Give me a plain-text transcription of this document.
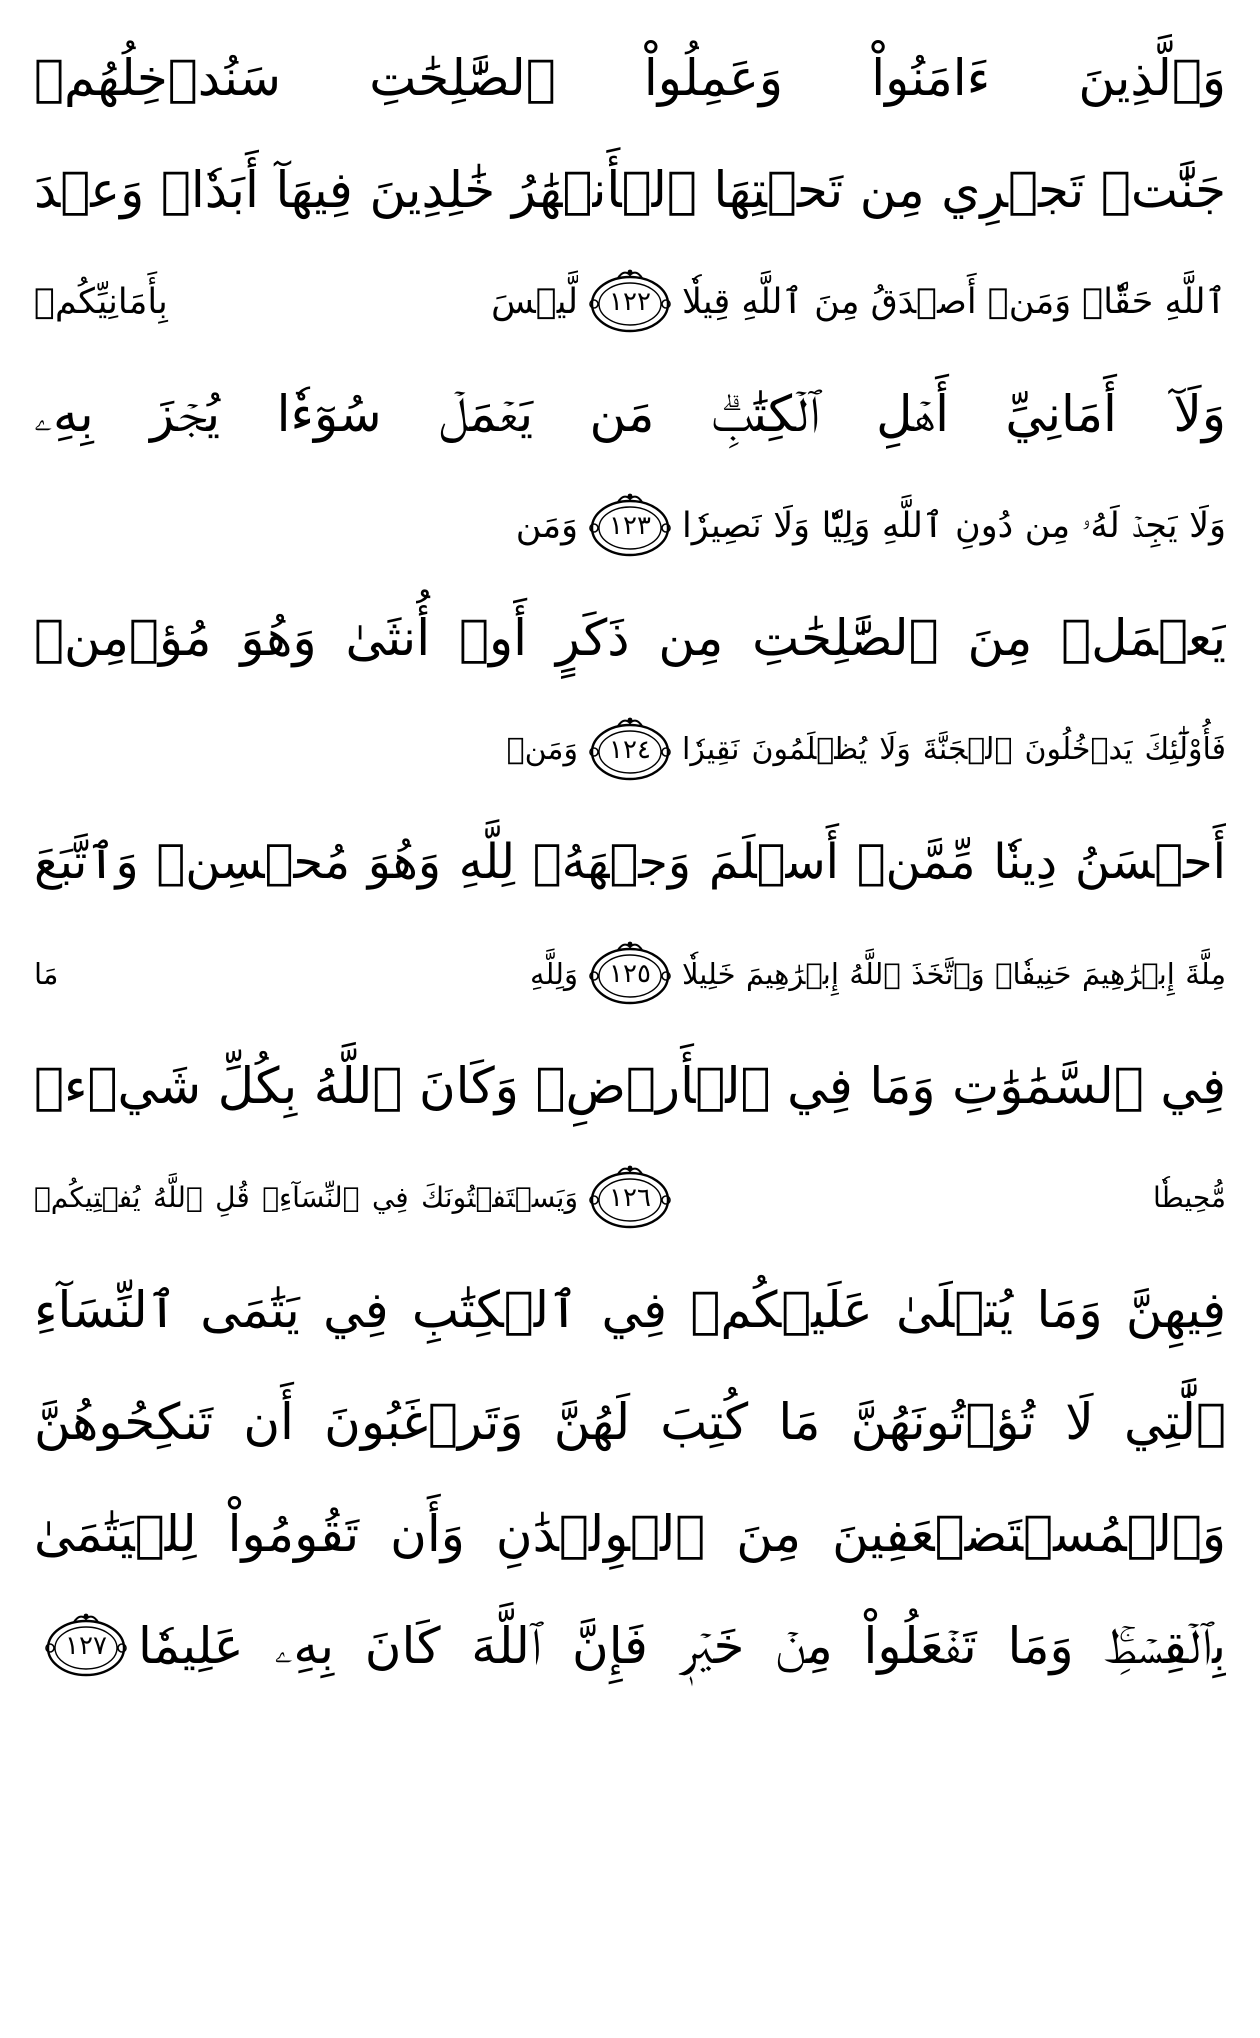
وَٱلَّذِينَ ءَامَنُواْ وَعَمِلُواْ ٱلصَّٰلِحَٰتِ سَنُدۡخِلُهُمۡ
جَنَّٰتٖ تَجۡرِي مِن تَحۡتِهَا ٱلۡأَنۡهَٰرُ خَٰلِدِينَ فِيهَآ أَبَدٗاۖ وَعۡدَ
ٱللَّهِ حَقّٗاۚ وَمَنۡ أَصۡدَقُ مِنَ ٱللَّهِ قِيلٗا
١٢٢
لَّيۡسَ بِأَمَانِيِّكُمۡ
وَلَآ أَمَانِيِّ أَهۡلِ ٱلۡكِتَٰبِۗ مَن يَعۡمَلۡ سُوٓءٗا يُجۡزَ بِهِۦ
وَلَا يَجِدۡ لَهُۥ مِن دُونِ ٱللَّهِ وَلِيّٗا وَلَا نَصِيرٗا
١٢٣
وَمَن
يَعۡمَلۡ مِنَ ٱلصَّٰلِحَٰتِ مِن ذَكَرٍ أَوۡ أُنثَىٰ وَهُوَ مُؤۡمِنٞ
فَأُوْلَٰٓئِكَ يَدۡخُلُونَ ٱلۡجَنَّةَ وَلَا يُظۡلَمُونَ نَقِيرٗا
١٢٤
وَمَنۡ
أَحۡسَنُ دِينٗا مِّمَّنۡ أَسۡلَمَ وَجۡهَهُۥ لِلَّهِ وَهُوَ مُحۡسِنٞ وَٱتَّبَعَ
مِلَّةَ إِبۡرَٰهِيمَ حَنِيفٗاۗ وَٱتَّخَذَ ٱللَّهُ إِبۡرَٰهِيمَ خَلِيلٗا
١٢٥
وَلِلَّهِ مَا
فِي ٱلسَّمَٰوَٰتِ وَمَا فِي ٱلۡأَرۡضِۚ وَكَانَ ٱللَّهُ بِكُلِّ شَيۡءٖ
مُّحِيطٗا
١٢٦
وَيَسۡتَفۡتُونَكَ فِي ٱلنِّسَآءِۖ قُلِ ٱللَّهُ يُفۡتِيكُمۡ
فِيهِنَّ وَمَا يُتۡلَىٰ عَلَيۡكُمۡ فِي ٱلۡكِتَٰبِ فِي يَتَٰمَى ٱلنِّسَآءِ
ٱلَّٰتِي لَا تُؤۡتُونَهُنَّ مَا كُتِبَ لَهُنَّ وَتَرۡغَبُونَ أَن تَنكِحُوهُنَّ
وَٱلۡمُسۡتَضۡعَفِينَ مِنَ ٱلۡوِلۡدَٰنِ وَأَن تَقُومُواْ لِلۡيَتَٰمَىٰ
بِٱلۡقِسۡطِۚ وَمَا تَفۡعَلُواْ مِنۡ خَيۡرٖ فَإِنَّ ٱللَّهَ كَانَ بِهِۦ عَلِيمٗا
١٢٧
